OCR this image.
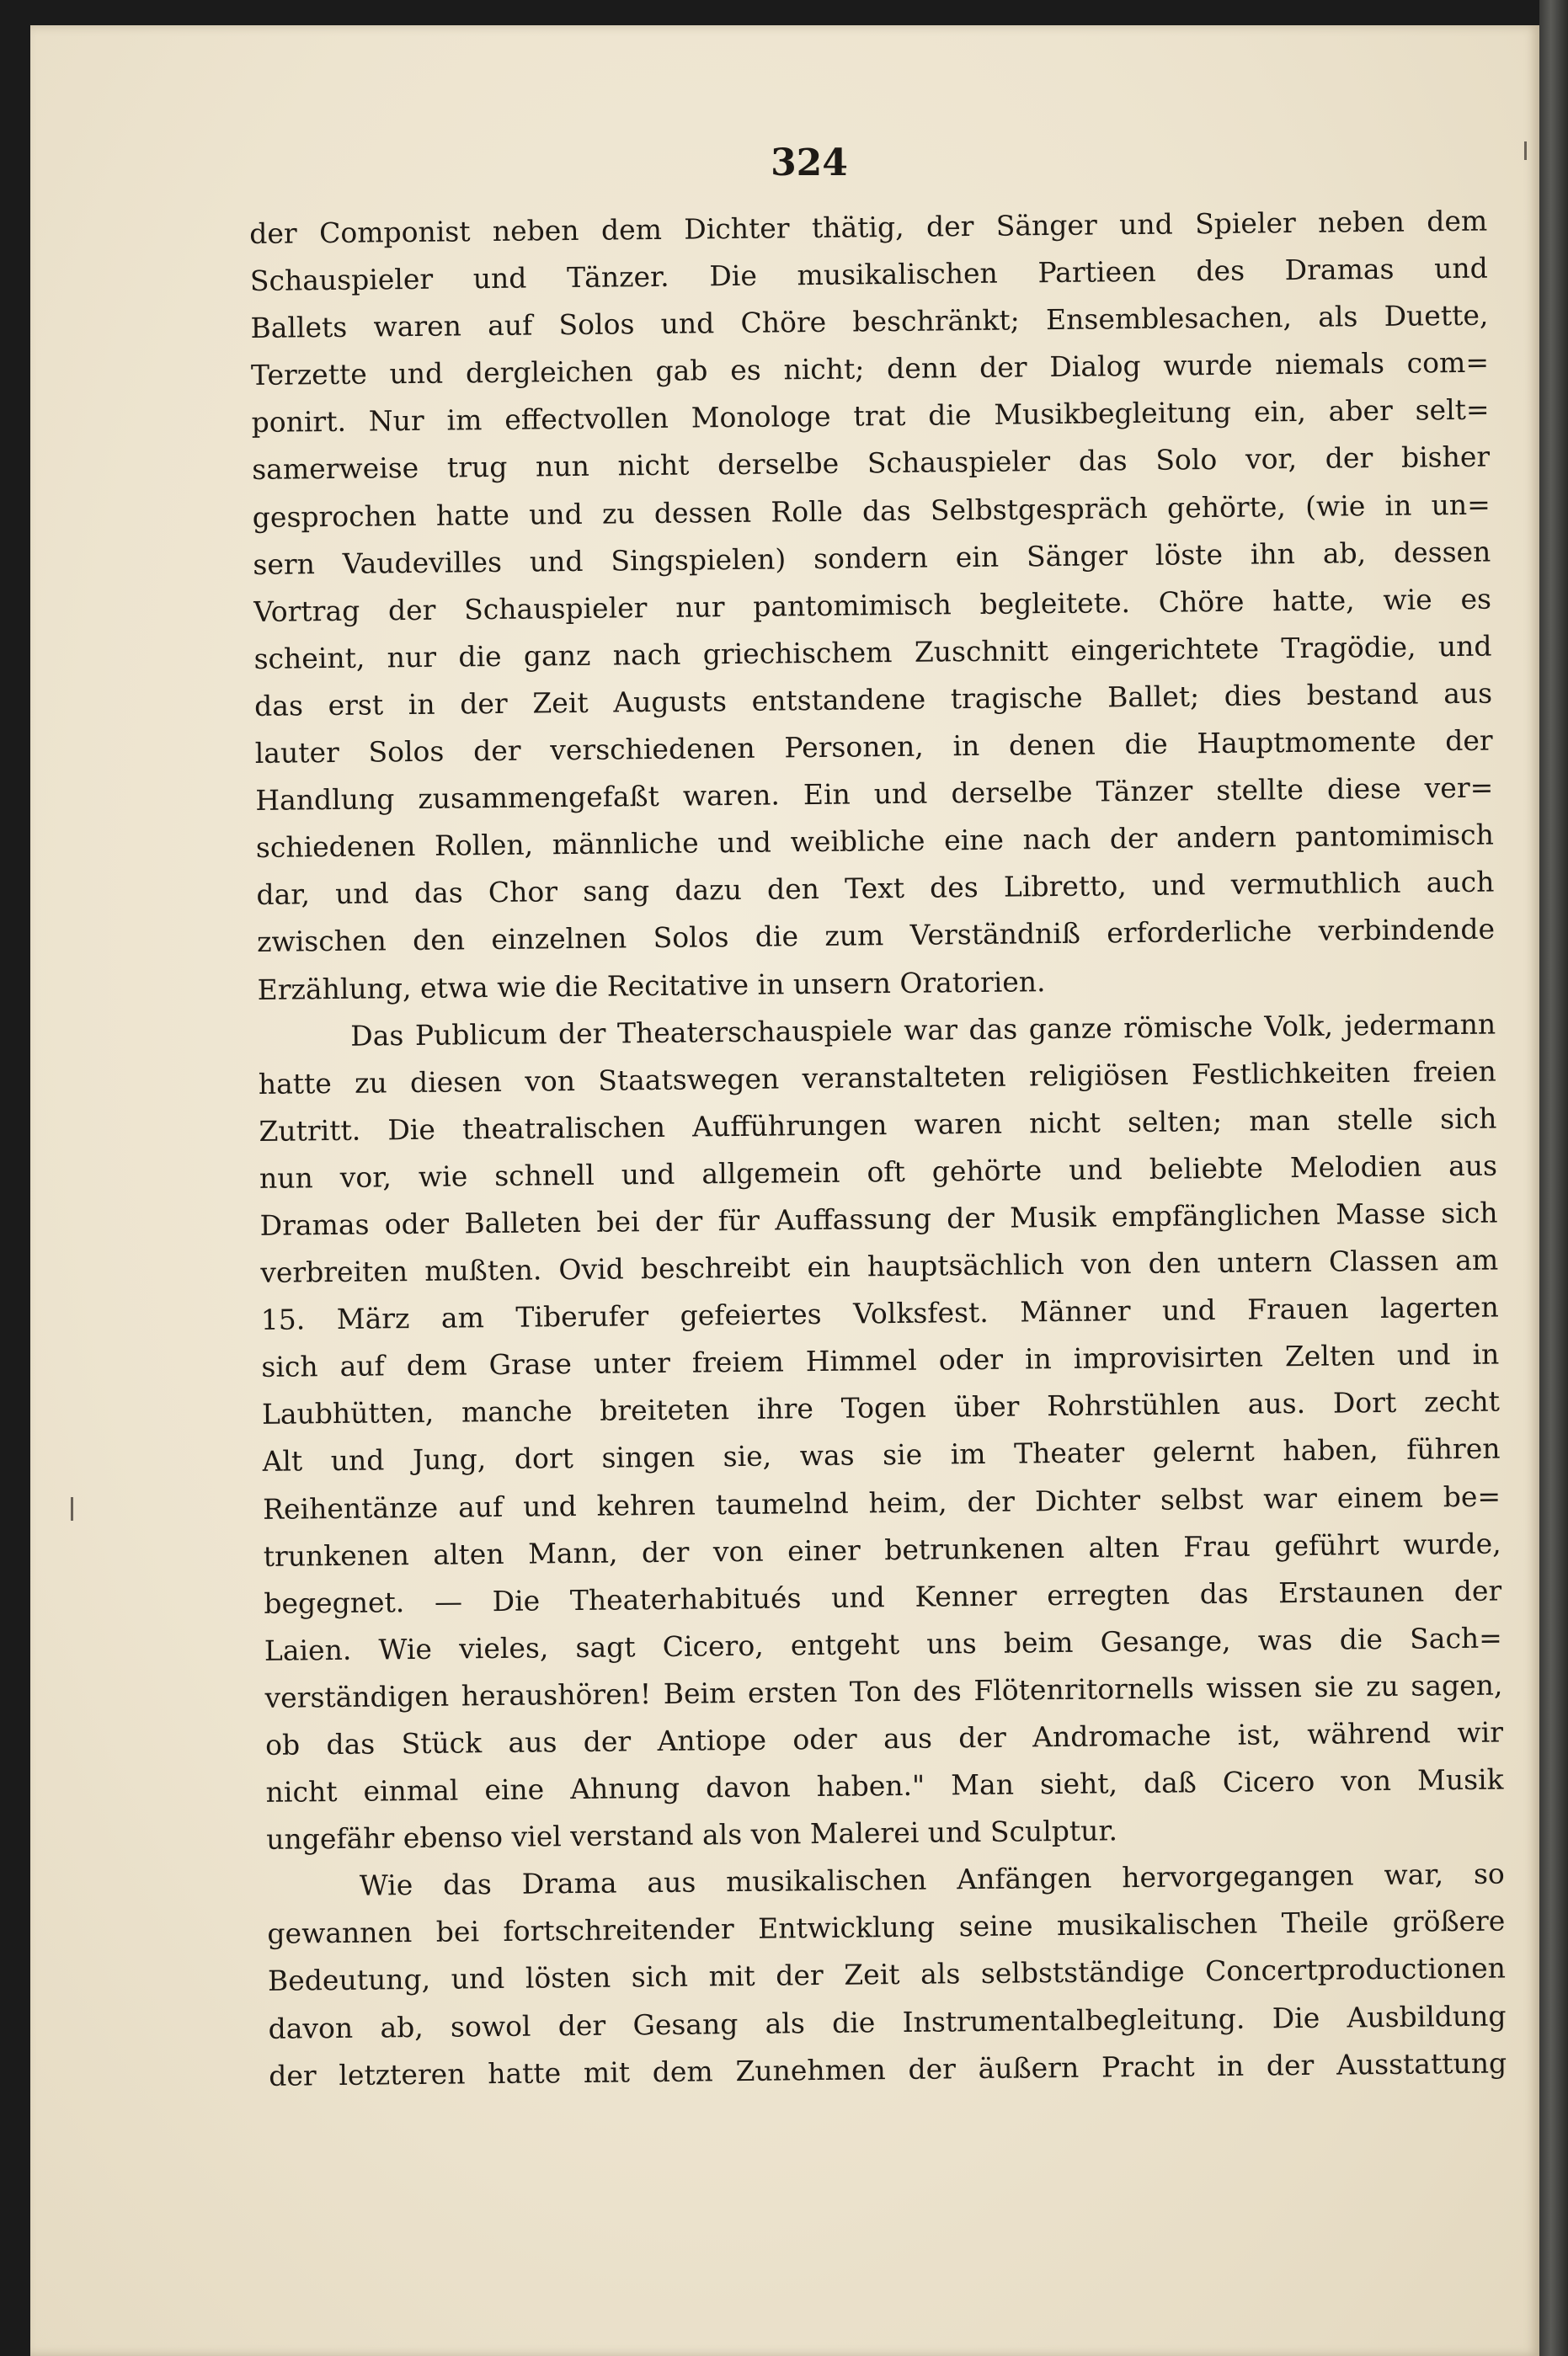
324
der Componist neben dem Dichter thätig, der Sänger und Spieler neben dem
Schauspieler und Tänzer. Die musikalischen Partieen des Dramas und
Ballets waren auf Solos und Chöre beschränkt; Ensemblesachen, als Duette,
Terzette und dergleichen gab es nicht; denn der Dialog wurde niemals com=
ponirt. Nur im effectvollen Monologe trat die Musikbegleitung ein, aber selt=
samerweise trug nun nicht derselbe Schauspieler das Solo vor, der bisher
gesprochen hatte und zu dessen Rolle das Selbstgespräch gehörte, (wie in un=
sern Vaudevilles und Singspielen) sondern ein Sänger löste ihn ab, dessen
Vortrag der Schauspieler nur pantomimisch begleitete. Chöre hatte, wie es
scheint, nur die ganz nach griechischem Zuschnitt eingerichtete Tragödie, und
das erst in der Zeit Augusts entstandene tragische Ballet; dies bestand aus
lauter Solos der verschiedenen Personen, in denen die Hauptmomente der
Handlung zusammengefaßt waren. Ein und derselbe Tänzer stellte diese ver=
schiedenen Rollen, männliche und weibliche eine nach der andern pantomimisch
dar, und das Chor sang dazu den Text des Libretto, und vermuthlich auch
zwischen den einzelnen Solos die zum Verständniß erforderliche verbindende
Erzählung, etwa wie die Recitative in unsern Oratorien.
Das Publicum der Theaterschauspiele war das ganze römische Volk, jedermann
hatte zu diesen von Staatswegen veranstalteten religiösen Festlichkeiten freien
Zutritt. Die theatralischen Aufführungen waren nicht selten; man stelle sich
nun vor, wie schnell und allgemein oft gehörte und beliebte Melodien aus
Dramas oder Balleten bei der für Auffassung der Musik empfänglichen Masse sich
verbreiten mußten. Ovid beschreibt ein hauptsächlich von den untern Classen am
15. März am Tiberufer gefeiertes Volksfest. Männer und Frauen lagerten
sich auf dem Grase unter freiem Himmel oder in improvisirten Zelten und in
Laubhütten, manche breiteten ihre Togen über Rohrstühlen aus. Dort zecht
Alt und Jung, dort singen sie, was sie im Theater gelernt haben, führen
Reihentänze auf und kehren taumelnd heim, der Dichter selbst war einem be=
trunkenen alten Mann, der von einer betrunkenen alten Frau geführt wurde,
begegnet. — Die Theaterhabitués und Kenner erregten das Erstaunen der
Laien. Wie vieles, sagt Cicero, entgeht uns beim Gesange, was die Sach=
verständigen heraushören! Beim ersten Ton des Flötenritornells wissen sie zu sagen,
ob das Stück aus der Antiope oder aus der Andromache ist, während wir
nicht einmal eine Ahnung davon haben." Man sieht, daß Cicero von Musik
ungefähr ebenso viel verstand als von Malerei und Sculptur.
Wie das Drama aus musikalischen Anfängen hervorgegangen war, so
gewannen bei fortschreitender Entwicklung seine musikalischen Theile größere
Bedeutung, und lösten sich mit der Zeit als selbstständige Concertproductionen
davon ab, sowol der Gesang als die Instrumentalbegleitung. Die Ausbildung
der letzteren hatte mit dem Zunehmen der äußern Pracht in der Ausstattung
